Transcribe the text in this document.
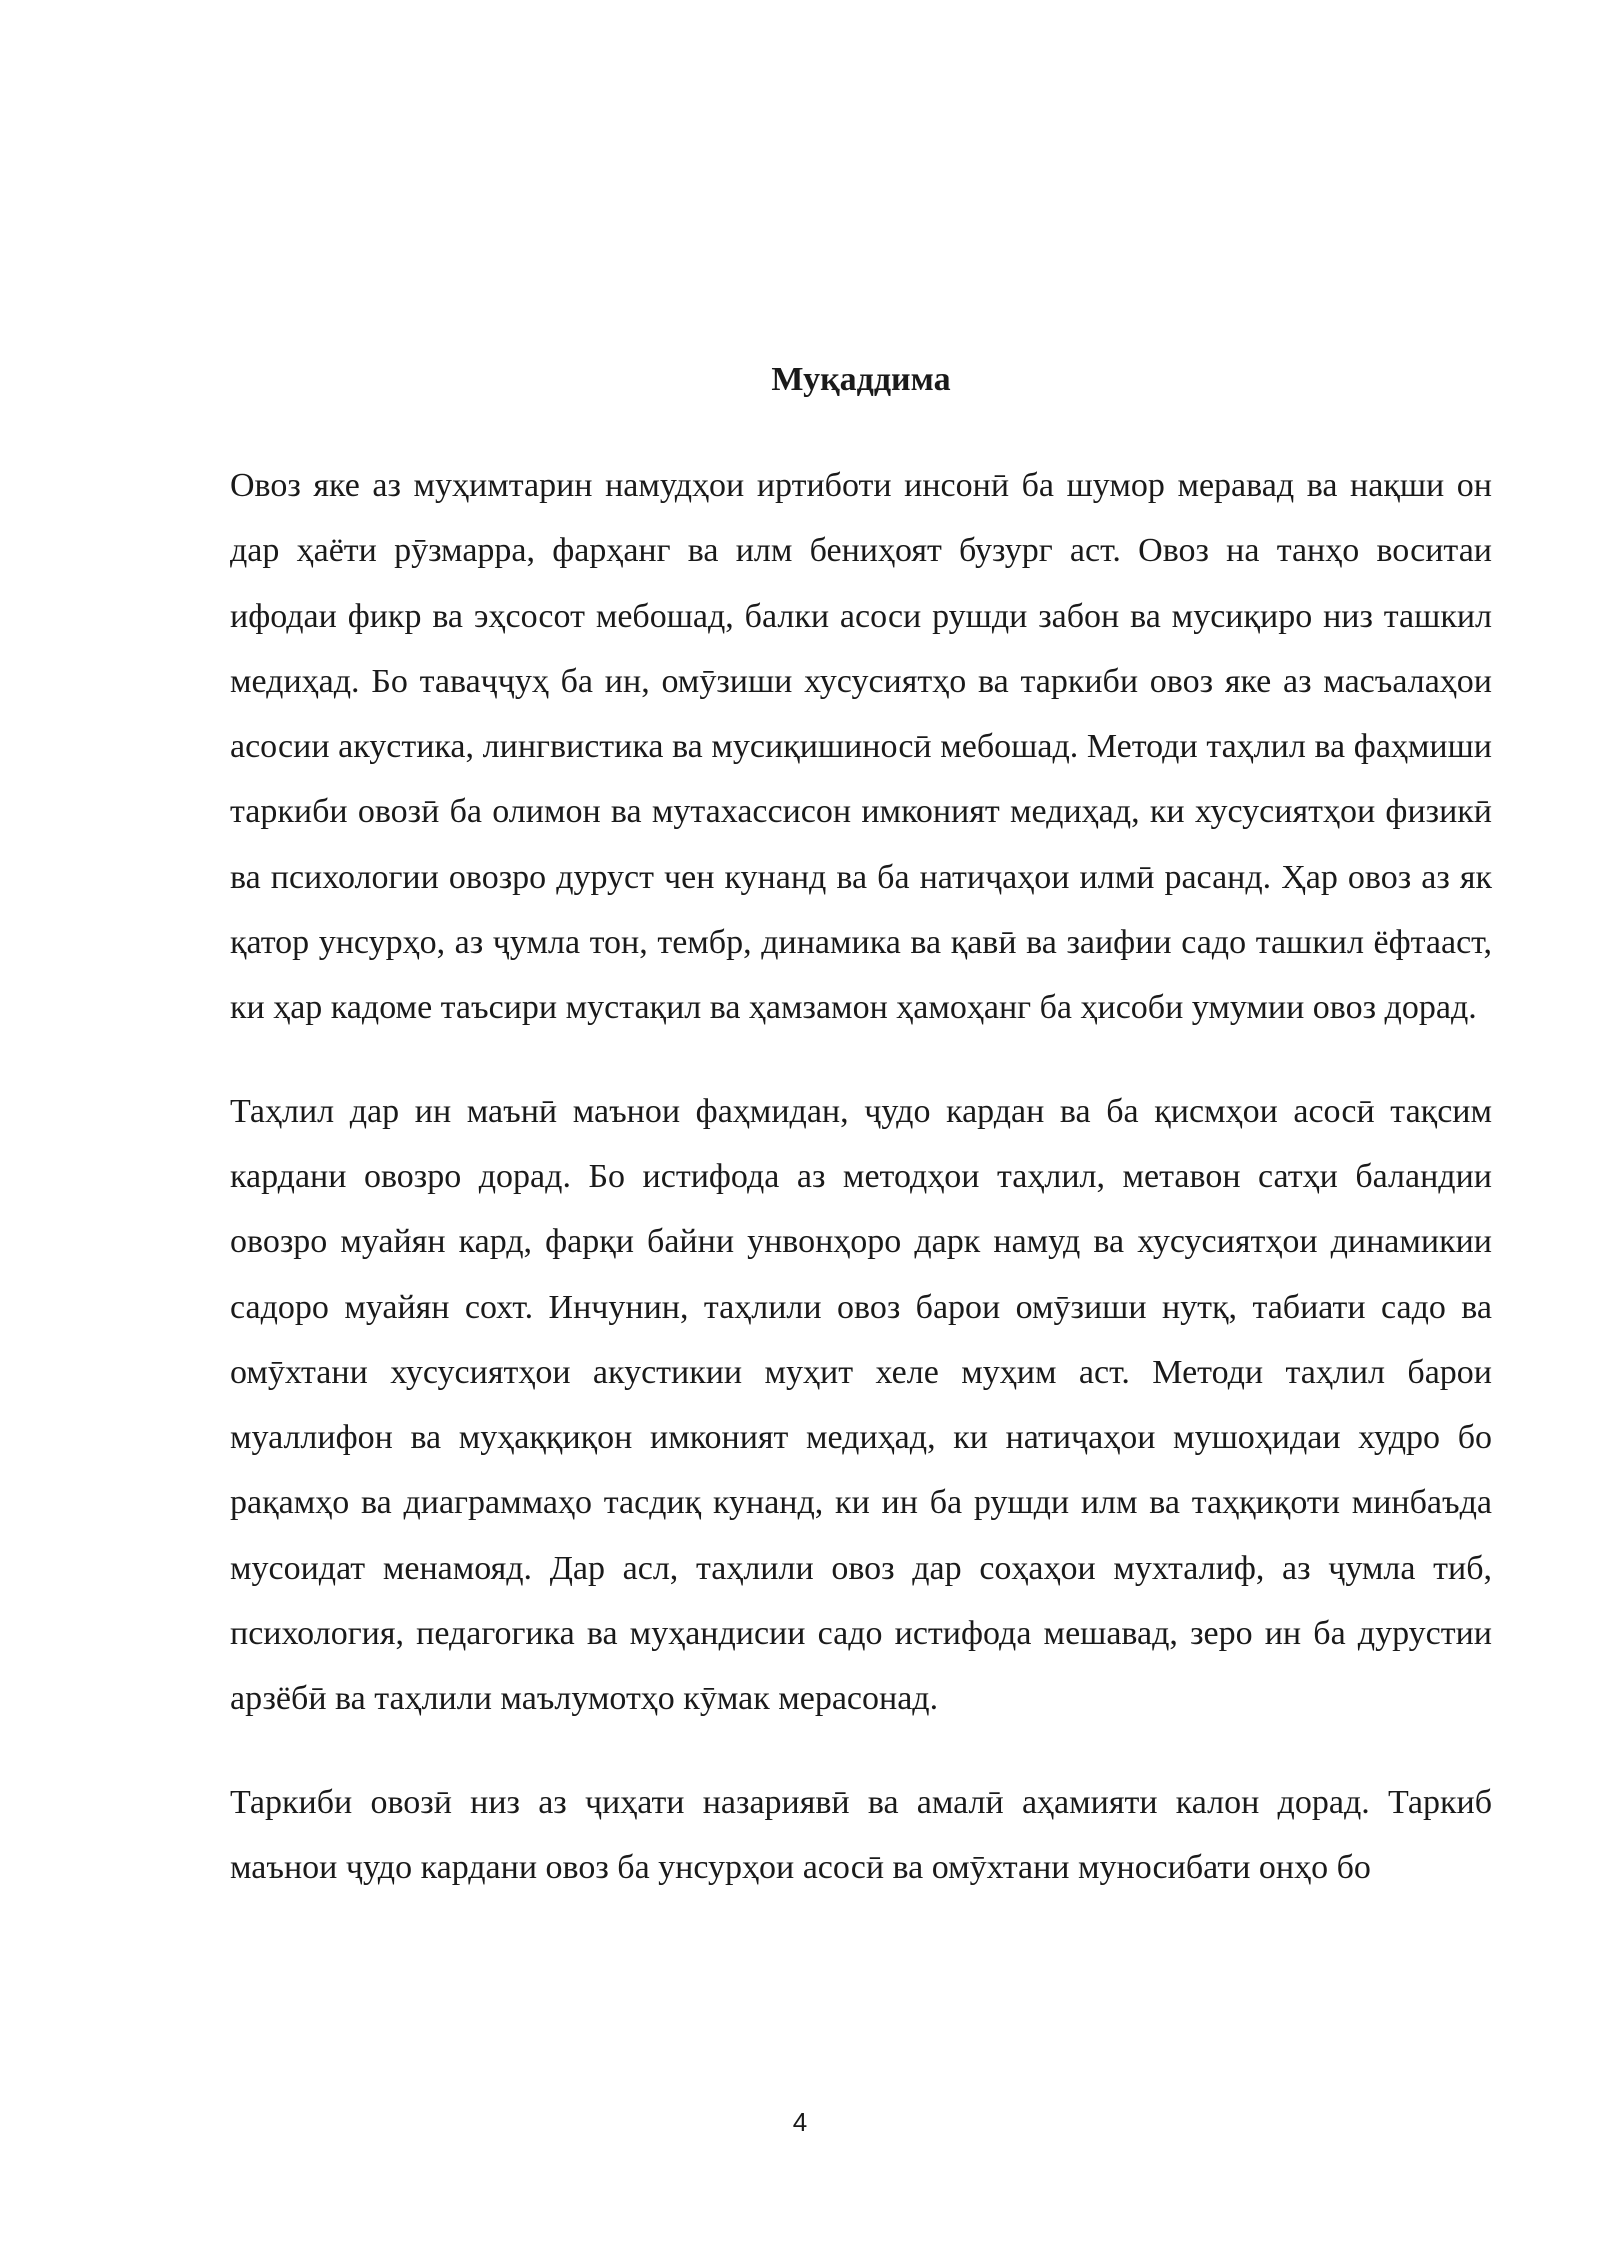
Муқаддима

Овоз яке аз муҳимтарин намудҳои иртиботи инсонӣ ба шумор меравад ва нақши он дар ҳаёти рӯзмарра, фарҳанг ва илм бениҳоят бузург аст. Овоз на танҳо воситаи ифодаи фикр ва эҳсосот мебошад, балки асоси рушди забон ва мусиқиро низ ташкил медиҳад. Бо таваҷҷуҳ ба ин, омӯзиши хусусиятҳо ва таркиби овоз яке аз масъалаҳои асосии акустика, лингвистика ва мусиқишиносӣ мебошад. Методи таҳлил ва фаҳмиши таркиби овозӣ ба олимон ва мутахассисон имконият медиҳад, ки хусусиятҳои физикӣ ва психологии овозро дуруст чен кунанд ва ба натиҷаҳои илмӣ расанд. Ҳар овоз аз як қатор унсурҳо, аз ҷумла тон, тембр, динамика ва қавӣ ва заифии садо ташкил ёфтааст, ки ҳар кадоме таъсири мустақил ва ҳамзамон ҳамоҳанг ба ҳисоби умумии овоз дорад.

Таҳлил дар ин маънӣ маънои фаҳмидан, ҷудо кардан ва ба қисмҳои асосӣ тақсим кардани овозро дорад. Бо истифода аз методҳои таҳлил, метавон сатҳи баландии овозро муайян кард, фарқи байни унвонҳоро дарк намуд ва хусусиятҳои динамикии садоро муайян сохт. Инчунин, таҳлили овоз барои омӯзиши нутқ, табиати садо ва омӯхтани хусусиятҳои акустикии муҳит хеле муҳим аст. Методи таҳлил барои муаллифон ва муҳаққиқон имконият медиҳад, ки натиҷаҳои мушоҳидаи худро бо рақамҳо ва диаграммаҳо тасдиқ кунанд, ки ин ба рушди илм ва таҳқиқоти минбаъда мусоидат менамояд. Дар асл, таҳлили овоз дар соҳаҳои мухталиф, аз ҷумла тиб, психология, педагогика ва муҳандисии садо истифода мешавад, зеро ин ба дурустии арзёбӣ ва таҳлили маълумотҳо кӯмак мерасонад.

Таркиби овозӣ низ аз ҷиҳати назариявӣ ва амалӣ аҳамияти калон дорад. Таркиб маънои ҷудо кардани овоз ба унсурҳои асосӣ ва омӯхтани муносибати онҳо бо

4
